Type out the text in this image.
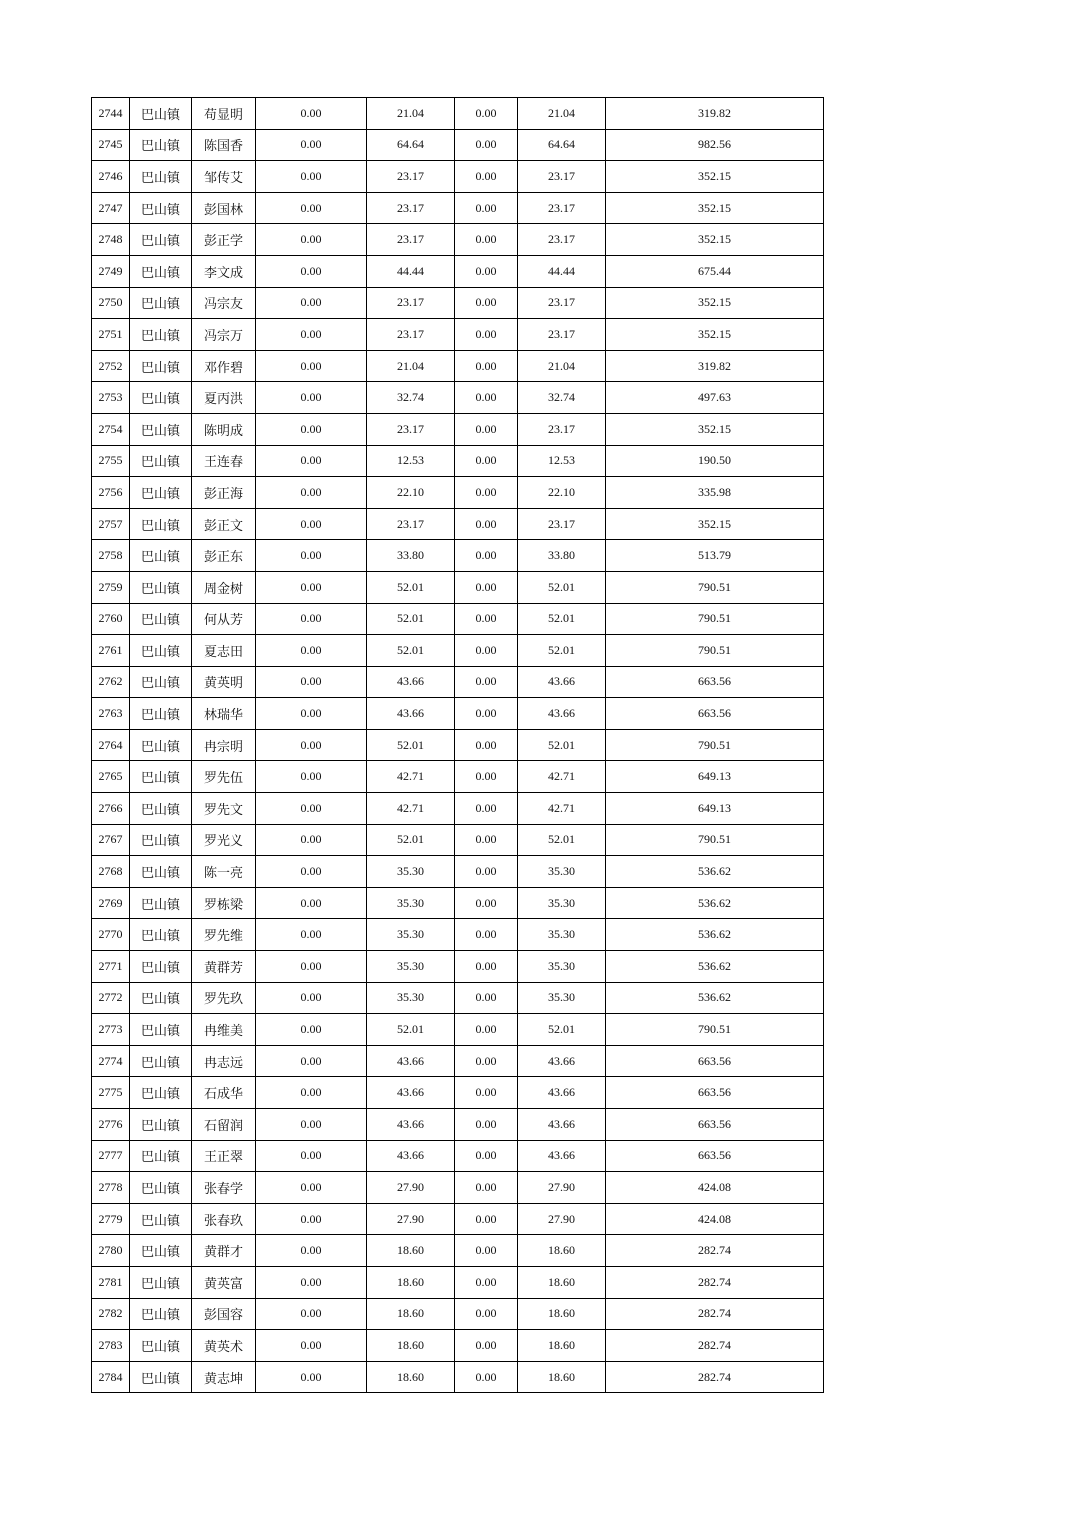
2744	巴山镇	苟显明	0.00	21.04	0.00	21.04	319.82
2745	巴山镇	陈国香	0.00	64.64	0.00	64.64	982.56
2746	巴山镇	邹传艾	0.00	23.17	0.00	23.17	352.15
2747	巴山镇	彭国林	0.00	23.17	0.00	23.17	352.15
2748	巴山镇	彭正学	0.00	23.17	0.00	23.17	352.15
2749	巴山镇	李文成	0.00	44.44	0.00	44.44	675.44
2750	巴山镇	冯宗友	0.00	23.17	0.00	23.17	352.15
2751	巴山镇	冯宗万	0.00	23.17	0.00	23.17	352.15
2752	巴山镇	邓作碧	0.00	21.04	0.00	21.04	319.82
2753	巴山镇	夏丙洪	0.00	32.74	0.00	32.74	497.63
2754	巴山镇	陈明成	0.00	23.17	0.00	23.17	352.15
2755	巴山镇	王连春	0.00	12.53	0.00	12.53	190.50
2756	巴山镇	彭正海	0.00	22.10	0.00	22.10	335.98
2757	巴山镇	彭正文	0.00	23.17	0.00	23.17	352.15
2758	巴山镇	彭正东	0.00	33.80	0.00	33.80	513.79
2759	巴山镇	周金树	0.00	52.01	0.00	52.01	790.51
2760	巴山镇	何从芳	0.00	52.01	0.00	52.01	790.51
2761	巴山镇	夏志田	0.00	52.01	0.00	52.01	790.51
2762	巴山镇	黄英明	0.00	43.66	0.00	43.66	663.56
2763	巴山镇	林瑞华	0.00	43.66	0.00	43.66	663.56
2764	巴山镇	冉宗明	0.00	52.01	0.00	52.01	790.51
2765	巴山镇	罗先伍	0.00	42.71	0.00	42.71	649.13
2766	巴山镇	罗先文	0.00	42.71	0.00	42.71	649.13
2767	巴山镇	罗光义	0.00	52.01	0.00	52.01	790.51
2768	巴山镇	陈一亮	0.00	35.30	0.00	35.30	536.62
2769	巴山镇	罗栋梁	0.00	35.30	0.00	35.30	536.62
2770	巴山镇	罗先维	0.00	35.30	0.00	35.30	536.62
2771	巴山镇	黄群芳	0.00	35.30	0.00	35.30	536.62
2772	巴山镇	罗先玖	0.00	35.30	0.00	35.30	536.62
2773	巴山镇	冉维美	0.00	52.01	0.00	52.01	790.51
2774	巴山镇	冉志远	0.00	43.66	0.00	43.66	663.56
2775	巴山镇	石成华	0.00	43.66	0.00	43.66	663.56
2776	巴山镇	石留润	0.00	43.66	0.00	43.66	663.56
2777	巴山镇	王正翠	0.00	43.66	0.00	43.66	663.56
2778	巴山镇	张春学	0.00	27.90	0.00	27.90	424.08
2779	巴山镇	张春玖	0.00	27.90	0.00	27.90	424.08
2780	巴山镇	黄群才	0.00	18.60	0.00	18.60	282.74
2781	巴山镇	黄英富	0.00	18.60	0.00	18.60	282.74
2782	巴山镇	彭国容	0.00	18.60	0.00	18.60	282.74
2783	巴山镇	黄英术	0.00	18.60	0.00	18.60	282.74
2784	巴山镇	黄志坤	0.00	18.60	0.00	18.60	282.74
